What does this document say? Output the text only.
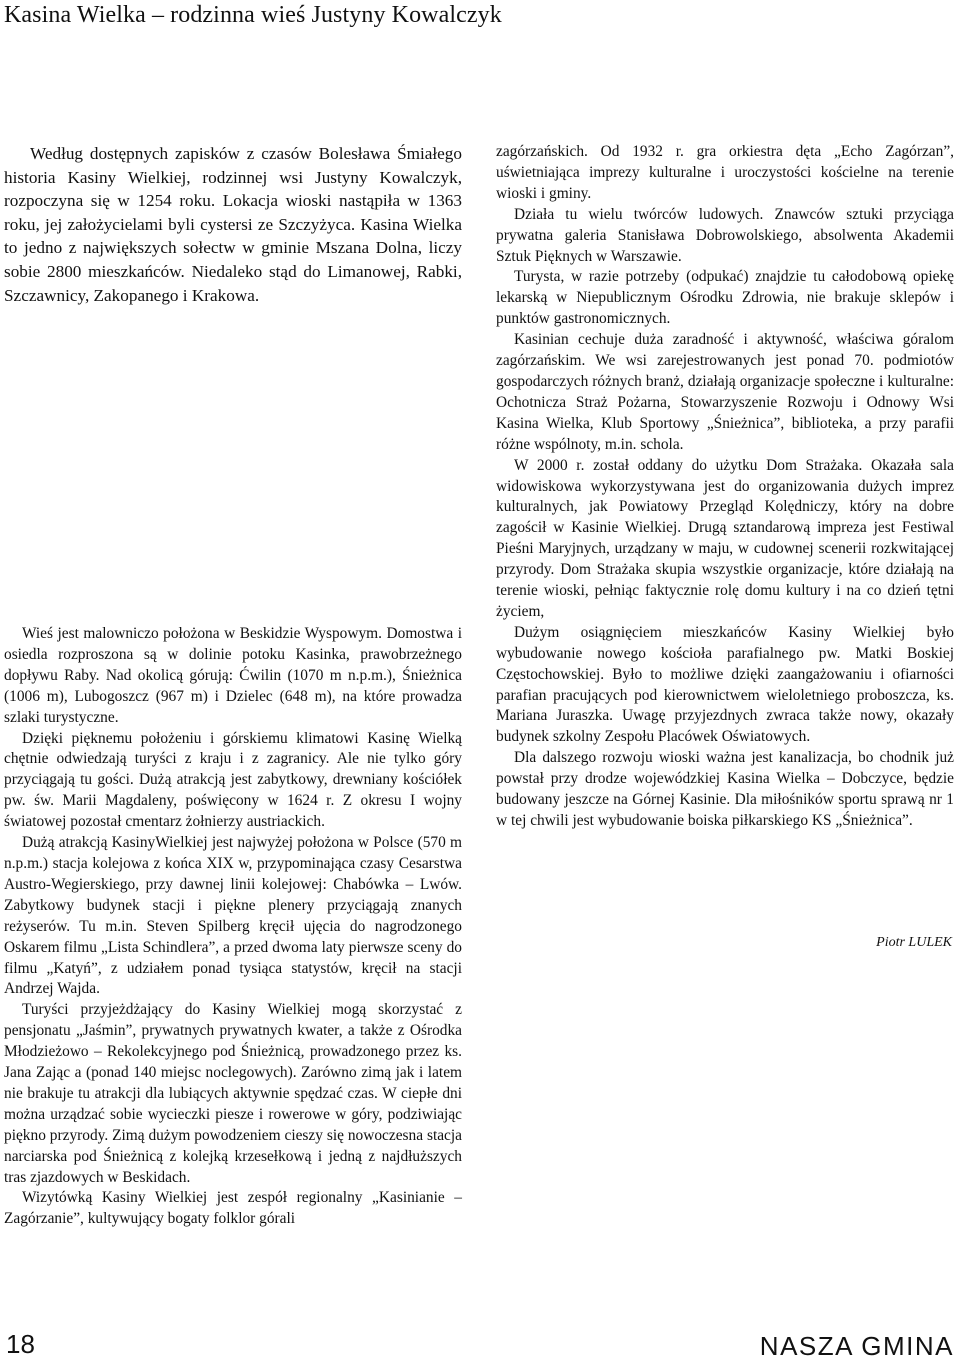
Kasina Wielka – rodzinna wieś Justyny Kowalczyk

Według dostępnych zapisków z czasów Bolesława Śmiałego historia Kasiny Wielkiej, rodzinnej wsi Justyny Kowalczyk, rozpoczyna się w 1254 roku. Lokacja wioski nastąpiła w 1363 roku, jej założycielami byli cystersi ze Szczyżyca. Kasina Wielka to jedno z największych sołectw w gminie Mszana Dolna, liczy sobie 2800 mieszkańców. Niedaleko stąd do Limanowej, Rabki, Szczawnicy, Zakopanego i Krakowa.

Wieś jest malowniczo położona w Beskidzie Wyspowym. Domostwa i osiedla rozproszona są w dolinie potoku Kasinka, prawobrzeżnego dopływu Raby. Nad okolicą górują: Ćwilin (1070 m n.p.m.), Śnieżnica (1006 m), Lubogoszcz (967 m) i Dzielec (648 m), na które prowadza szlaki turystyczne.

Dzięki pięknemu położeniu i górskiemu klimatowi Kasinę Wielką chętnie odwiedzają turyści z kraju i z zagranicy. Ale nie tylko góry przyciągają tu gości. Dużą atrakcją jest zabytkowy, drewniany kościółek pw. św. Marii Magdaleny, poświęcony w 1624 r. Z okresu I wojny światowej pozostał cmentarz żołnierzy austriackich.

Dużą atrakcją KasinyWielkiej jest najwyżej położona w Polsce (570 m n.p.m.) stacja kolejowa z końca XIX w, przypominająca czasy Cesarstwa Austro-Wegierskiego, przy dawnej linii kolejowej: Chabówka – Lwów. Zabytkowy budynek stacji i piękne plenery przyciągają znanych reżyserów. Tu m.in. Steven Spilberg kręcił ujęcia do nagrodzonego Oskarem filmu „Lista Schindlera”, a przed dwoma laty pierwsze sceny do filmu „Katyń”, z udziałem ponad tysiąca statystów, kręcił na stacji Andrzej Wajda.

Turyści przyjeżdżający do Kasiny Wielkiej mogą skorzystać z pensjonatu „Jaśmin”, prywatnych prywatnych kwater, a także z Ośrodka Młodzieżowo – Rekolekcyjnego pod Śnieżnicą, prowadzonego przez ks. Jana Zając a (ponad 140 miejsc noclegowych). Zarówno zimą jak i latem nie brakuje tu atrakcji dla lubiących aktywnie spędzać czas. W ciepłe dni można urządzać sobie wycieczki piesze i rowerowe w góry, podziwiając piękno przyrody. Zimą dużym powodzeniem cieszy się nowoczesna stacja narciarska pod Śnieżnicą z kolejką krzesełkową i jedną z najdłuższych tras zjazdowych w Beskidach.

Wizytówką Kasiny Wielkiej jest zespół regionalny „Kasinianie –Zagórzanie”, kultywujący bogaty folklor górali

zagórzańskich. Od 1932 r. gra orkiestra dęta „Echo Zagórzan”, uświetniająca imprezy kulturalne i uroczystości kościelne na terenie wioski i gminy.

Działa tu wielu twórców ludowych. Znawców sztuki przyciąga prywatna galeria Stanisława Dobrowolskiego, absolwenta Akademii Sztuk Pięknych w Warszawie.

Turysta, w razie potrzeby (odpukać) znajdzie tu całodobową opiekę lekarską w Niepublicznym Ośrodku Zdrowia, nie brakuje sklepów i punktów gastronomicznych.

Kasinian cechuje duża zaradność i aktywność, właściwa góralom zagórzańskim. We wsi zarejestrowanych jest ponad 70. podmiotów gospodarczych różnych branż, działają organizacje społeczne i kulturalne: Ochotnicza Straż Pożarna, Stowarzyszenie Rozwoju i Odnowy Wsi Kasina Wielka, Klub Sportowy „Śnieżnica”, biblioteka, a przy parafii różne wspólnoty, m.in. schola.

W 2000 r. został oddany do użytku Dom Strażaka. Okazała sala widowiskowa wykorzystywana jest do organizowania dużych imprez kulturalnych, jak Powiatowy Przegląd Kolędniczy, który na dobre zagościł w Kasinie Wielkiej. Drugą sztandarową impreza jest Festiwal Pieśni Maryjnych, urządzany w maju, w cudownej scenerii rozkwitającej przyrody. Dom Strażaka skupia wszystkie organizacje, które działają na terenie wioski, pełniąc faktycznie rolę domu kultury i na co dzień tętni życiem,

Dużym osiągnięciem mieszkańców Kasiny Wielkiej było wybudowanie nowego kościoła parafialnego pw. Matki Boskiej Częstochowskiej. Było to możliwe dzięki zaangażowaniu i ofiarności parafian pracujących pod kierownictwem wieloletniego proboszcza, ks. Mariana Juraszka. Uwagę przyjezdnych zwraca także nowy, okazały budynek szkolny Zespołu Placówek Oświatowych.

Dla dalszego rozwoju wioski ważna jest kanalizacja, bo chodnik już powstał przy drodze wojewódzkiej Kasina Wielka – Dobczyce, będzie budowany jeszcze na Górnej Kasinie. Dla miłośników sportu sprawą nr 1 w tej chwili jest wybudowanie boiska piłkarskiego KS „Śnieżnica”.

Piotr LULEK

18	NASZA GMINA
